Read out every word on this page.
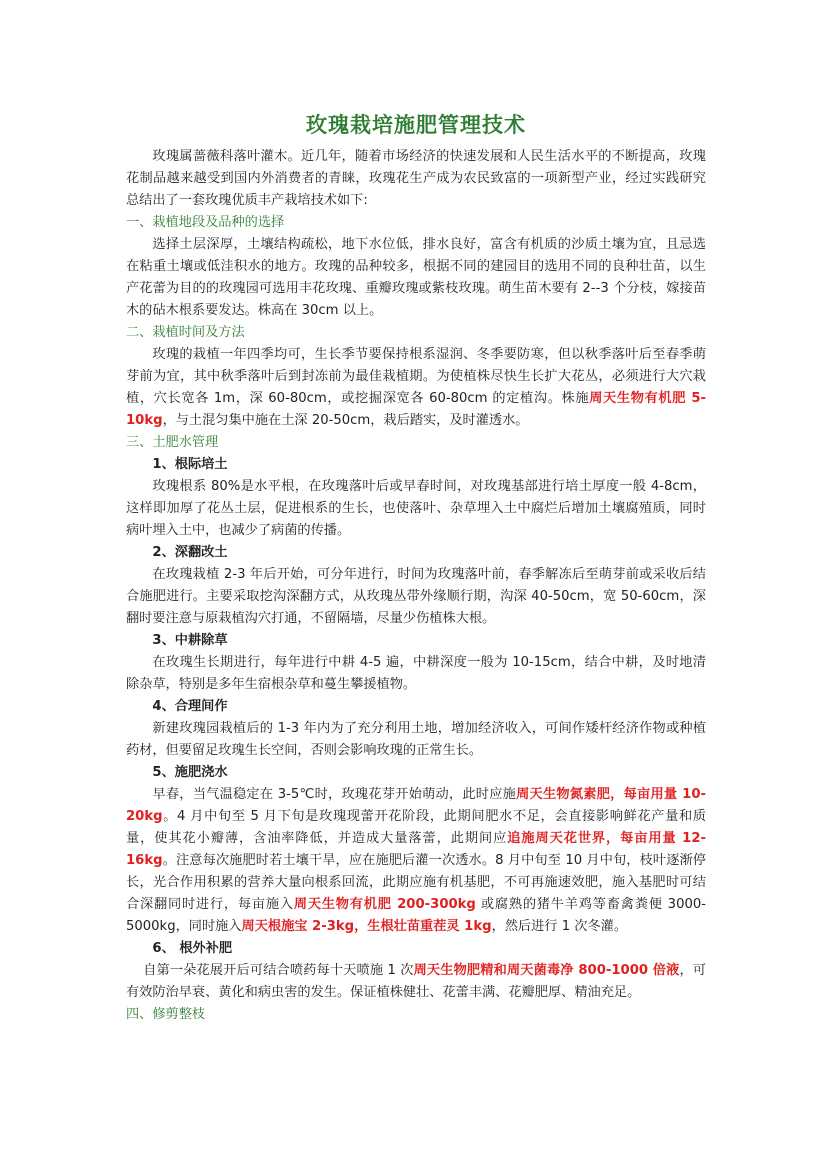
玫瑰栽培施肥管理技术

玫瑰属蔷薇科落叶灌木。近几年，随着市场经济的快速发展和人民生活水平的不断提高，玫瑰花制品越来越受到国内外消费者的青睐，玫瑰花生产成为农民致富的一项新型产业，经过实践研究总结出了一套玫瑰优质丰产栽培技术如下:

一、栽植地段及品种的选择

选择土层深厚，土壤结构疏松，地下水位低，排水良好，富含有机质的沙质土壤为宜，且忌选在粘重土壤或低洼积水的地方。玫瑰的品种较多，根据不同的建园目的选用不同的良种壮苗，以生产花蕾为目的的玫瑰园可选用丰花玫瑰、重瓣玫瑰或紫枝玫瑰。萌生苗木要有 2--3 个分枝，嫁接苗木的砧木根系要发达。株高在 30cm 以上。

二、栽植时间及方法

玫瑰的栽植一年四季均可，生长季节要保持根系湿润、冬季要防寒，但以秋季落叶后至春季萌芽前为宜，其中秋季落叶后到封冻前为最佳栽植期。为使植株尽快生长扩大花丛，必须进行大穴栽植，穴长宽各 1m，深 60-80cm，或挖掘深宽各 60-80cm 的定植沟。株施周天生物有机肥 5-10kg，与土混匀集中施在土深 20-50cm，栽后踏实，及时灌透水。

三、土肥水管理

1、根际培土

玫瑰根系 80%是水平根，在玫瑰落叶后或早春时间，对玫瑰基部进行培土厚度一般 4-8cm，这样即加厚了花丛土层，促进根系的生长，也使落叶、杂草埋入土中腐烂后增加土壤腐殖质，同时病叶埋入土中，也减少了病菌的传播。

2、深翻改土

在玫瑰栽植 2-3 年后开始，可分年进行，时间为玫瑰落叶前，春季解冻后至萌芽前或采收后结合施肥进行。主要采取挖沟深翻方式，从玫瑰丛带外缘顺行期，沟深 40-50cm，宽 50-60cm，深翻时要注意与原栽植沟穴打通，不留隔墙，尽量少伤植株大根。

3、中耕除草

在玫瑰生长期进行，每年进行中耕 4-5 遍，中耕深度一般为 10-15cm，结合中耕，及时地清除杂草，特别是多年生宿根杂草和蔓生攀援植物。

4、合理间作

新建玫瑰园栽植后的 1-3 年内为了充分利用土地，增加经济收入，可间作矮杆经济作物或种植药材，但要留足玫瑰生长空间，否则会影响玫瑰的正常生长。

5、施肥浇水

早春，当气温稳定在 3-5℃时，玫瑰花芽开始萌动，此时应施周天生物氮素肥，每亩用量 10-20kg。4 月中旬至 5 月下旬是玫瑰现蕾开花阶段，此期间肥水不足，会直接影响鲜花产量和质量，使其花小瓣薄，含油率降低，并造成大量落蕾，此期间应追施周天花世界，每亩用量 12-16kg。注意每次施肥时若土壤干旱，应在施肥后灌一次透水。8 月中旬至 10 月中旬，枝叶逐渐停长，光合作用积累的营养大量向根系回流，此期应施有机基肥，不可再施速效肥，施入基肥时可结合深翻同时进行，每亩施入周天生物有机肥 200-300kg 或腐熟的猪牛羊鸡等畜禽粪便 3000-5000kg，同时施入周天根施宝 2-3kg，生根壮苗重茬灵 1kg，然后进行 1 次冬灌。

6、 根外补肥

自第一朵花展开后可结合喷药每十天喷施 1 次周天生物肥精和周天菌毒净 800-1000 倍液，可有效防治早衰、黄化和病虫害的发生。保证植株健壮、花蕾丰满、花瓣肥厚、精油充足。

四、修剪整枝
